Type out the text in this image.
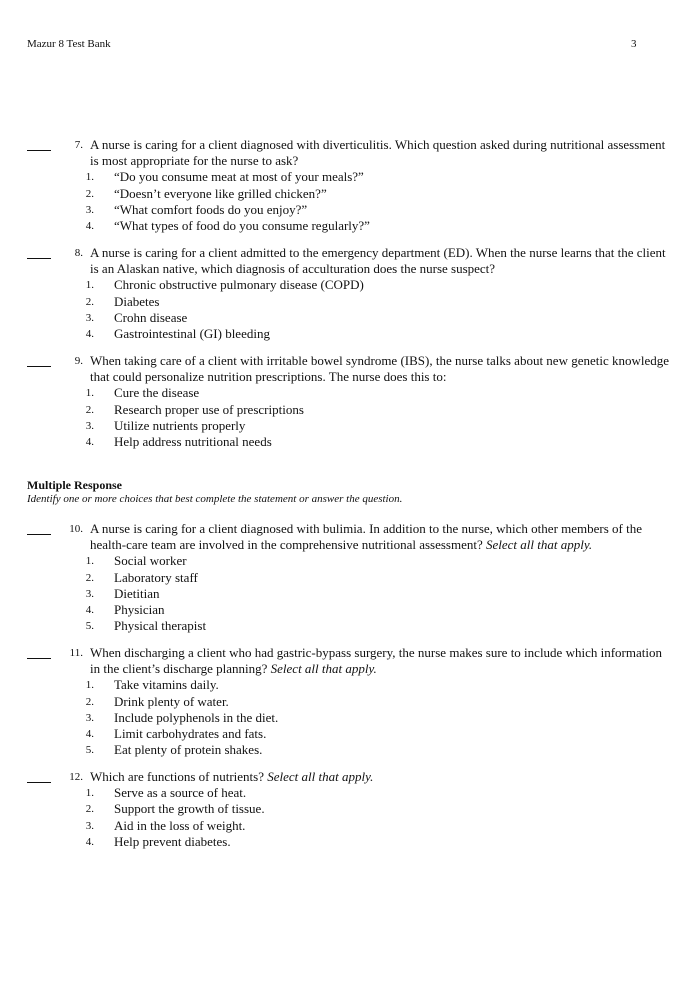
Mazur 8 Test Bank	3
7. A nurse is caring for a client diagnosed with diverticulitis. Which question asked during nutritional assessment is most appropriate for the nurse to ask?
1. “Do you consume meat at most of your meals?”
2. “Doesn’t everyone like grilled chicken?”
3. “What comfort foods do you enjoy?”
4. “What types of food do you consume regularly?”
8. A nurse is caring for a client admitted to the emergency department (ED). When the nurse learns that the client is an Alaskan native, which diagnosis of acculturation does the nurse suspect?
1. Chronic obstructive pulmonary disease (COPD)
2. Diabetes
3. Crohn disease
4. Gastrointestinal (GI) bleeding
9. When taking care of a client with irritable bowel syndrome (IBS), the nurse talks about new genetic knowledge that could personalize nutrition prescriptions. The nurse does this to:
1. Cure the disease
2. Research proper use of prescriptions
3. Utilize nutrients properly
4. Help address nutritional needs
Multiple Response
Identify one or more choices that best complete the statement or answer the question.
10. A nurse is caring for a client diagnosed with bulimia. In addition to the nurse, which other members of the health-care team are involved in the comprehensive nutritional assessment? Select all that apply.
1. Social worker
2. Laboratory staff
3. Dietitian
4. Physician
5. Physical therapist
11. When discharging a client who had gastric-bypass surgery, the nurse makes sure to include which information in the client’s discharge planning? Select all that apply.
1. Take vitamins daily.
2. Drink plenty of water.
3. Include polyphenols in the diet.
4. Limit carbohydrates and fats.
5. Eat plenty of protein shakes.
12. Which are functions of nutrients? Select all that apply.
1. Serve as a source of heat.
2. Support the growth of tissue.
3. Aid in the loss of weight.
4. Help prevent diabetes.
